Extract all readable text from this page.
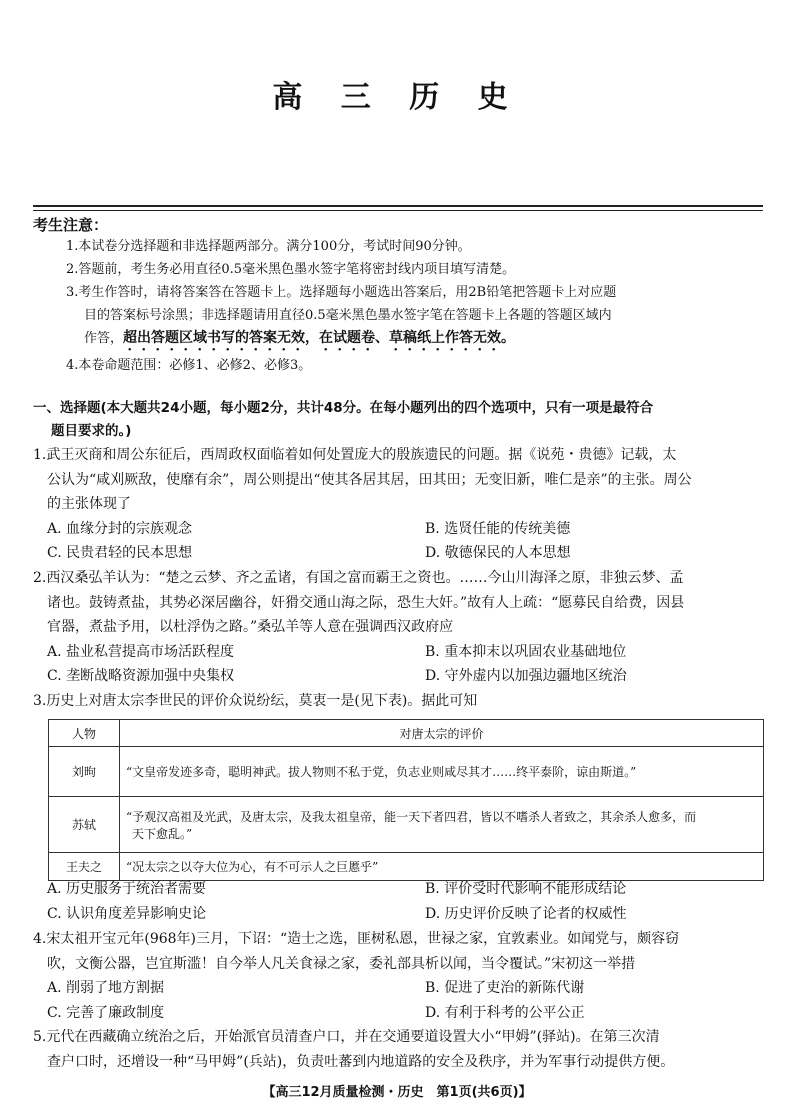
高 三 历 史
考生注意：
1.本试卷分选择题和非选择题两部分。满分100分，考试时间90分钟。
2.答题前，考生务必用直径0.5毫米黑色墨水签字笔将密封线内项目填写清楚。
3.考生作答时，请将答案答在答题卡上。选择题每小题选出答案后，用2B铅笔把答题卡上对应题
目的答案标号涂黑；非选择题请用直径0.5毫米黑色墨水签字笔在答题卡上各题的答题区域内
作答，超出答题区域书写的答案无效，在试题卷、草稿纸上作答无效。
4.本卷命题范围：必修1、必修2、必修3。
一、选择题(本大题共24小题，每小题2分，共计48分。在每小题列出的四个选项中，只有一项是最符合
题目要求的。)
1.武王灭商和周公东征后，西周政权面临着如何处置庞大的殷族遗民的问题。据《说苑・贵德》记载，太
公认为“咸刈厥敌，使靡有余”，周公则提出“使其各居其居，田其田；无变旧新，唯仁是亲”的主张。周公
的主张体现了
A. 血缘分封的宗族观念	B. 选贤任能的传统美德
C. 民贵君轻的民本思想	D. 敬德保民的人本思想
2.西汉桑弘羊认为：“楚之云梦、齐之孟诸，有国之富而霸王之资也。……今山川海泽之原，非独云梦、孟
诸也。鼓铸煮盐，其势必深居幽谷，奸猾交通山海之际，恐生大奸。”故有人上疏：“愿募民自给费，因县
官器，煮盐予用，以杜浮伪之路。”桑弘羊等人意在强调西汉政府应
A. 盐业私营提高市场活跃程度	B. 重本抑末以巩固农业基础地位
C. 垄断战略资源加强中央集权	D. 守外虚内以加强边疆地区统治
3.历史上对唐太宗李世民的评价众说纷纭，莫衷一是(见下表)。据此可知
人物	对唐太宗的评价
刘昫	“文皇帝发迹多奇，聪明神武。拔人物则不私于党，负志业则咸尽其才……终平泰阶，谅由斯道。”
苏轼	“予观汉高祖及光武，及唐太宗，及我太祖皇帝，能一天下者四君，皆以不嗜杀人者致之，其余杀人愈多，而
天下愈乱。”

王夫之	“况太宗之以夺大位为心，有不可示人之巨慝乎”
A. 历史服务于统治者需要	B. 评价受时代影响不能形成结论
C. 认识角度差异影响史论	D. 历史评价反映了论者的权威性
4.宋太祖开宝元年(968年)三月，下诏：“造士之选，匪树私恩，世禄之家，宜敦素业。如闻党与，颇容窃
吹，文衡公器，岂宜斯滥！自今举人凡关食禄之家，委礼部具析以闻，当令覆试。”宋初这一举措
A. 削弱了地方割据	B. 促进了吏治的新陈代谢
C. 完善了廉政制度	D. 有利于科考的公平公正
5.元代在西藏确立统治之后，开始派官员清查户口，并在交通要道设置大小“甲姆”(驿站)。在第三次清
查户口时，还增设一种“马甲姆”(兵站)，负责吐蕃到内地道路的安全及秩序，并为军事行动提供方便。
【高三12月质量检测・历史　第1页(共6页)】
